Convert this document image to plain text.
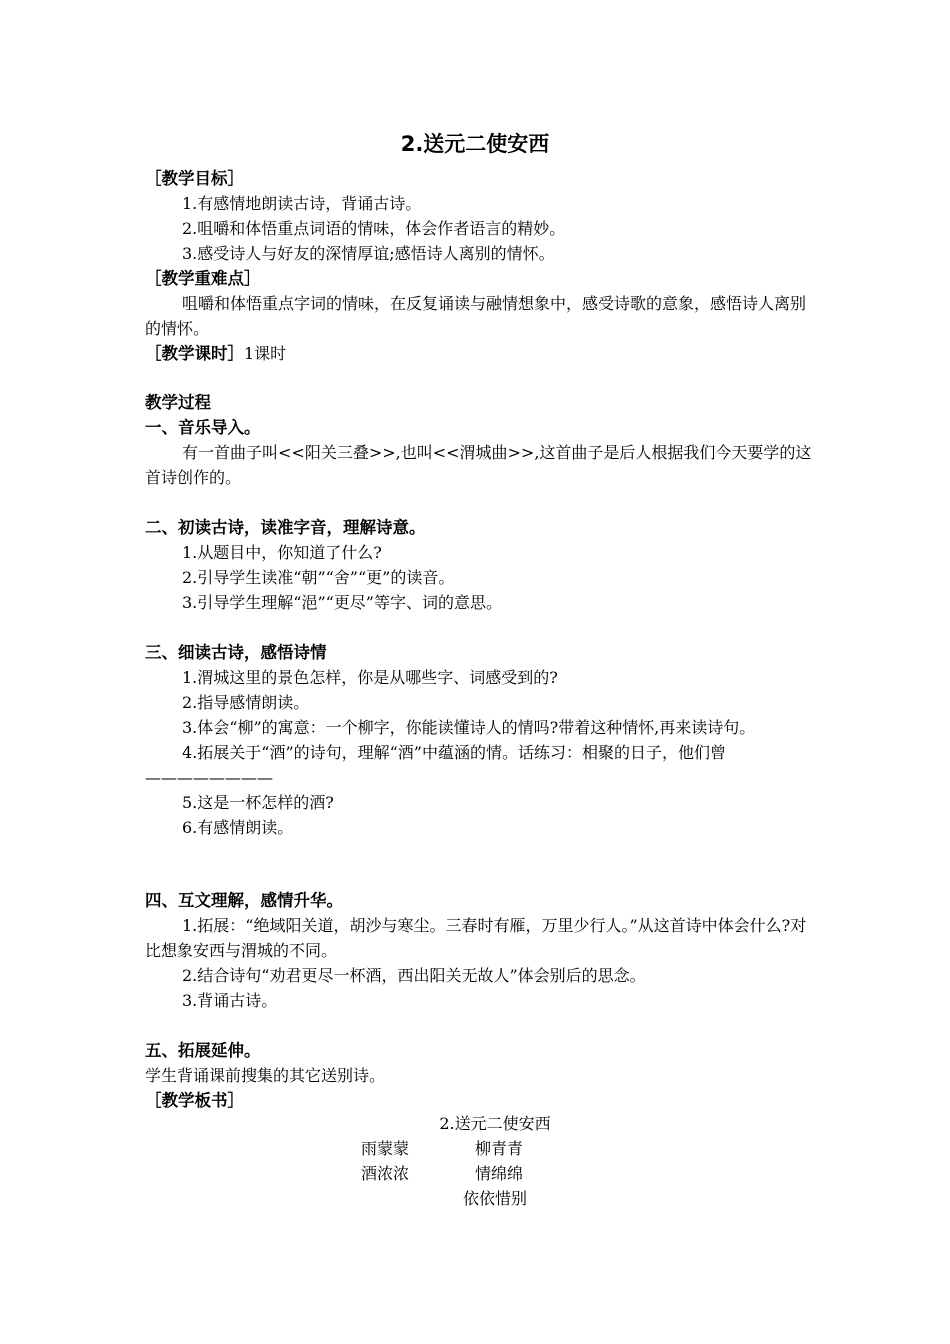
2.送元二使安西

［教学目标］

1.有感情地朗读古诗，背诵古诗。

2.咀嚼和体悟重点词语的情味，体会作者语言的精妙。

3.感受诗人与好友的深情厚谊;感悟诗人离别的情怀。

［教学重难点］

咀嚼和体悟重点字词的情味，在反复诵读与融情想象中，感受诗歌的意象，感悟诗人离别的情怀。

［教学课时］1课时

教学过程

一、音乐导入。

有一首曲子叫<<阳关三叠>>,也叫<<渭城曲>>,这首曲子是后人根据我们今天要学的这首诗创作的。

二、初读古诗，读准字音，理解诗意。

1.从题目中，你知道了什么?

2.引导学生读准“朝”“舍”“更”的读音。

3.引导学生理解“浥”“更尽”等字、词的意思。

三、细读古诗，感悟诗情

1.渭城这里的景色怎样，你是从哪些字、词感受到的?

2.指导感情朗读。

3.体会“柳”的寓意：一个柳字，你能读懂诗人的情吗?带着这种情怀,再来读诗句。

4.拓展关于“酒”的诗句，理解“酒”中蕴涵的情。话练习：相聚的日子，他们曾————————

5.这是一杯怎样的酒?

6.有感情朗读。

四、互文理解，感情升华。

1.拓展：“绝域阳关道，胡沙与寒尘。三春时有雁，万里少行人。”从这首诗中体会什么?对比想象安西与渭城的不同。

2.结合诗句“劝君更尽一杯酒，西出阳关无故人”体会别后的思念。

3.背诵古诗。

五、拓展延伸。

学生背诵课前搜集的其它送别诗。

［教学板书］

2.送元二使安西
雨蒙蒙	柳青青
酒浓浓	情绵绵
依依惜别
